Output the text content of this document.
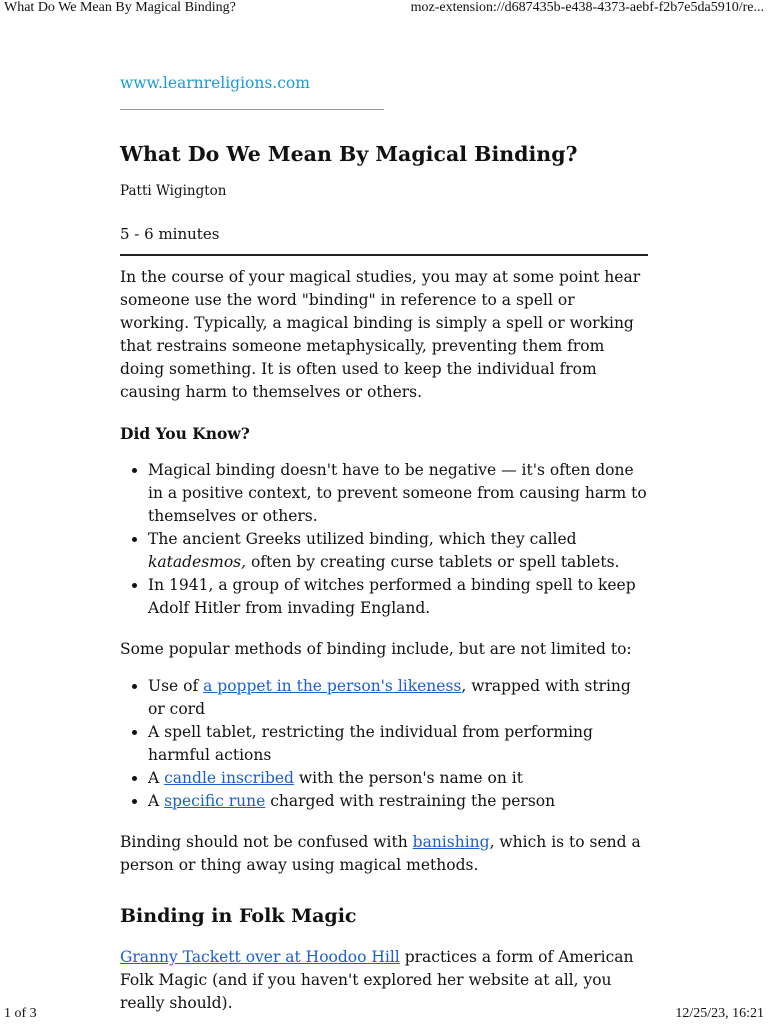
What Do We Mean By Magical Binding?	moz-extension://d687435b-e438-4373-aebf-f2b7e5da5910/re...
www.learnreligions.com
What Do We Mean By Magical Binding?
Patti Wigington
5 - 6 minutes

In the course of your magical studies, you may at some point hear someone use the word "binding" in reference to a spell or working. Typically, a magical binding is simply a spell or working that restrains someone metaphysically, preventing them from doing something. It is often used to keep the individual from causing harm to themselves or others.

Did You Know?

• Magical binding doesn't have to be negative — it's often done in a positive context, to prevent someone from causing harm to themselves or others.
• The ancient Greeks utilized binding, which they called katadesmos, often by creating curse tablets or spell tablets.
• In 1941, a group of witches performed a binding spell to keep Adolf Hitler from invading England.

Some popular methods of binding include, but are not limited to:

• Use of a poppet in the person's likeness, wrapped with string or cord
• A spell tablet, restricting the individual from performing harmful actions
• A candle inscribed with the person's name on it
• A specific rune charged with restraining the person

Binding should not be confused with banishing, which is to send a person or thing away using magical methods.

Binding in Folk Magic

Granny Tackett over at Hoodoo Hill practices a form of American Folk Magic (and if you haven't explored her website at all, you really should).

1 of 3	12/25/23, 16:21
